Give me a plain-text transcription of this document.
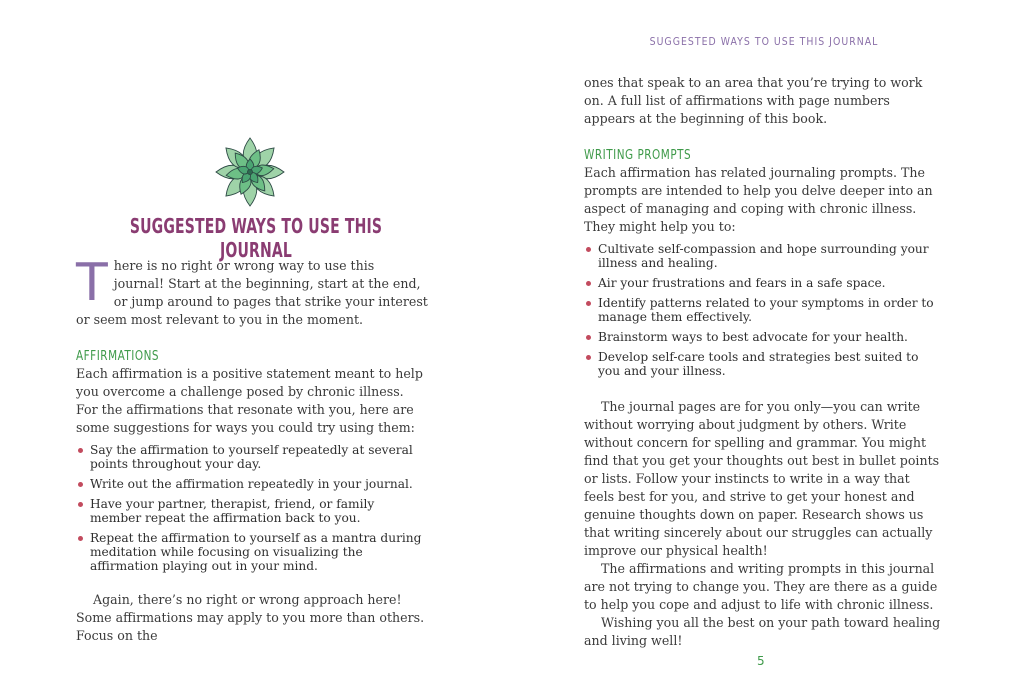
SUGGESTED WAYS TO USE THIS JOURNAL
SUGGESTED WAYS TO USE THIS JOURNAL

There is no right or wrong way to use this journal! Start at the beginning, start at the end, or jump around to pages that strike your interest or seem most relevant to you in the moment.

AFFIRMATIONS

Each affirmation is a positive statement meant to help you overcome a challenge posed by chronic illness. For the affirmations that resonate with you, here are some suggestions for ways you could try using them:

Say the affirmation to yourself repeatedly at several points throughout your day.
Write out the affirmation repeatedly in your journal.
Have your partner, therapist, friend, or family member repeat the affirmation back to you.
Repeat the affirmation to yourself as a mantra during meditation while focusing on visualizing the affirmation playing out in your mind.

Again, there’s no right or wrong approach here! Some affirmations may apply to you more than others. Focus on the

ones that speak to an area that you’re trying to work on. A full list of affirmations with page numbers appears at the beginning of this book.

WRITING PROMPTS

Each affirmation has related journaling prompts. The prompts are intended to help you delve deeper into an aspect of managing and coping with chronic illness. They might help you to:

Cultivate self-compassion and hope surrounding your illness and healing.
Air your frustrations and fears in a safe space.
Identify patterns related to your symptoms in order to manage them effectively.
Brainstorm ways to best advocate for your health.
Develop self-care tools and strategies best suited to you and your illness.

The journal pages are for you only—you can write without worrying about judgment by others. Write without concern for spelling and grammar. You might find that you get your thoughts out best in bullet points or lists. Follow your instincts to write in a way that feels best for you, and strive to get your honest and genuine thoughts down on paper. Research shows us that writing sincerely about our struggles can actually improve our physical health!

The affirmations and writing prompts in this journal are not trying to change you. They are there as a guide to help you cope and adjust to life with chronic illness.

Wishing you all the best on your path toward healing and living well!

5
